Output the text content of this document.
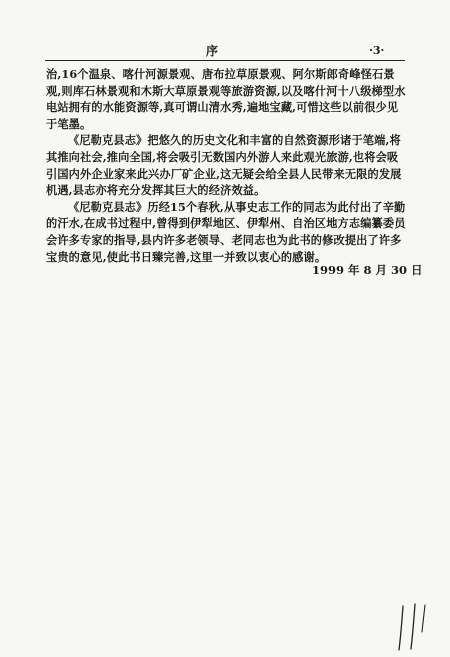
序	·3·

治,16个温泉、喀什河源景观、唐布拉草原景观、阿尔斯郎奇峰怪石景观,则库石林景观和木斯大草原景观等旅游资源,以及喀什河十八级梯型水电站拥有的水能资源等,真可谓山清水秀,遍地宝藏,可惜这些以前很少见于笔墨。

《尼勒克县志》把悠久的历史文化和丰富的自然资源形诸于笔端,将其推向社会,推向全国,将会吸引无数国内外游人来此观光旅游,也将会吸引国内外企业家来此兴办厂矿企业,这无疑会给全县人民带来无限的发展机遇,县志亦将充分发挥其巨大的经济效益。

《尼勒克县志》历经15个春秋,从事史志工作的同志为此付出了辛勤的汗水,在成书过程中,曾得到伊犁地区、伊犁州、自治区地方志编纂委员会许多专家的指导,县内许多老领导、老同志也为此书的修改提出了许多宝贵的意见,使此书日臻完善,这里一并致以衷心的感谢。

1999 年 8 月 30 日
